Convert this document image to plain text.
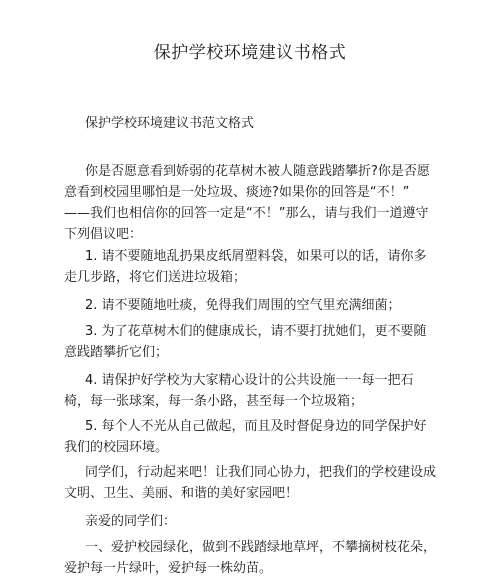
保护学校环境建议书格式
保护学校环境建议书范文格式

你是否愿意看到娇弱的花草树木被人随意践踏攀折?你是否愿意看到校园里哪怕是一处垃圾、痰迹?如果你的回答是“不！” ——我们也相信你的回答一定是“不！”那么，请与我们一道遵守下列倡议吧：

1. 请不要随地乱扔果皮纸屑塑料袋，如果可以的话，请你多走几步路，将它们送进垃圾箱；

2. 请不要随地吐痰，免得我们周围的空气里充满细菌；

3. 为了花草树木们的健康成长，请不要打扰她们，更不要随意践踏攀折它们；

4. 请保护好学校为大家精心设计的公共设施一一每一把石椅，每一张球案，每一条小路，甚至每一个垃圾箱；

5. 每个人不光从自己做起，而且及时督促身边的同学保护好我们的校园环境。

同学们，行动起来吧！让我们同心协力，把我们的学校建设成文明、卫生、美丽、和谐的美好家园吧！

亲爱的同学们：

一、爱护校园绿化，做到不践踏绿地草坪，不攀摘树枝花朵，爱护每一片绿叶，爱护每一株幼苗。
